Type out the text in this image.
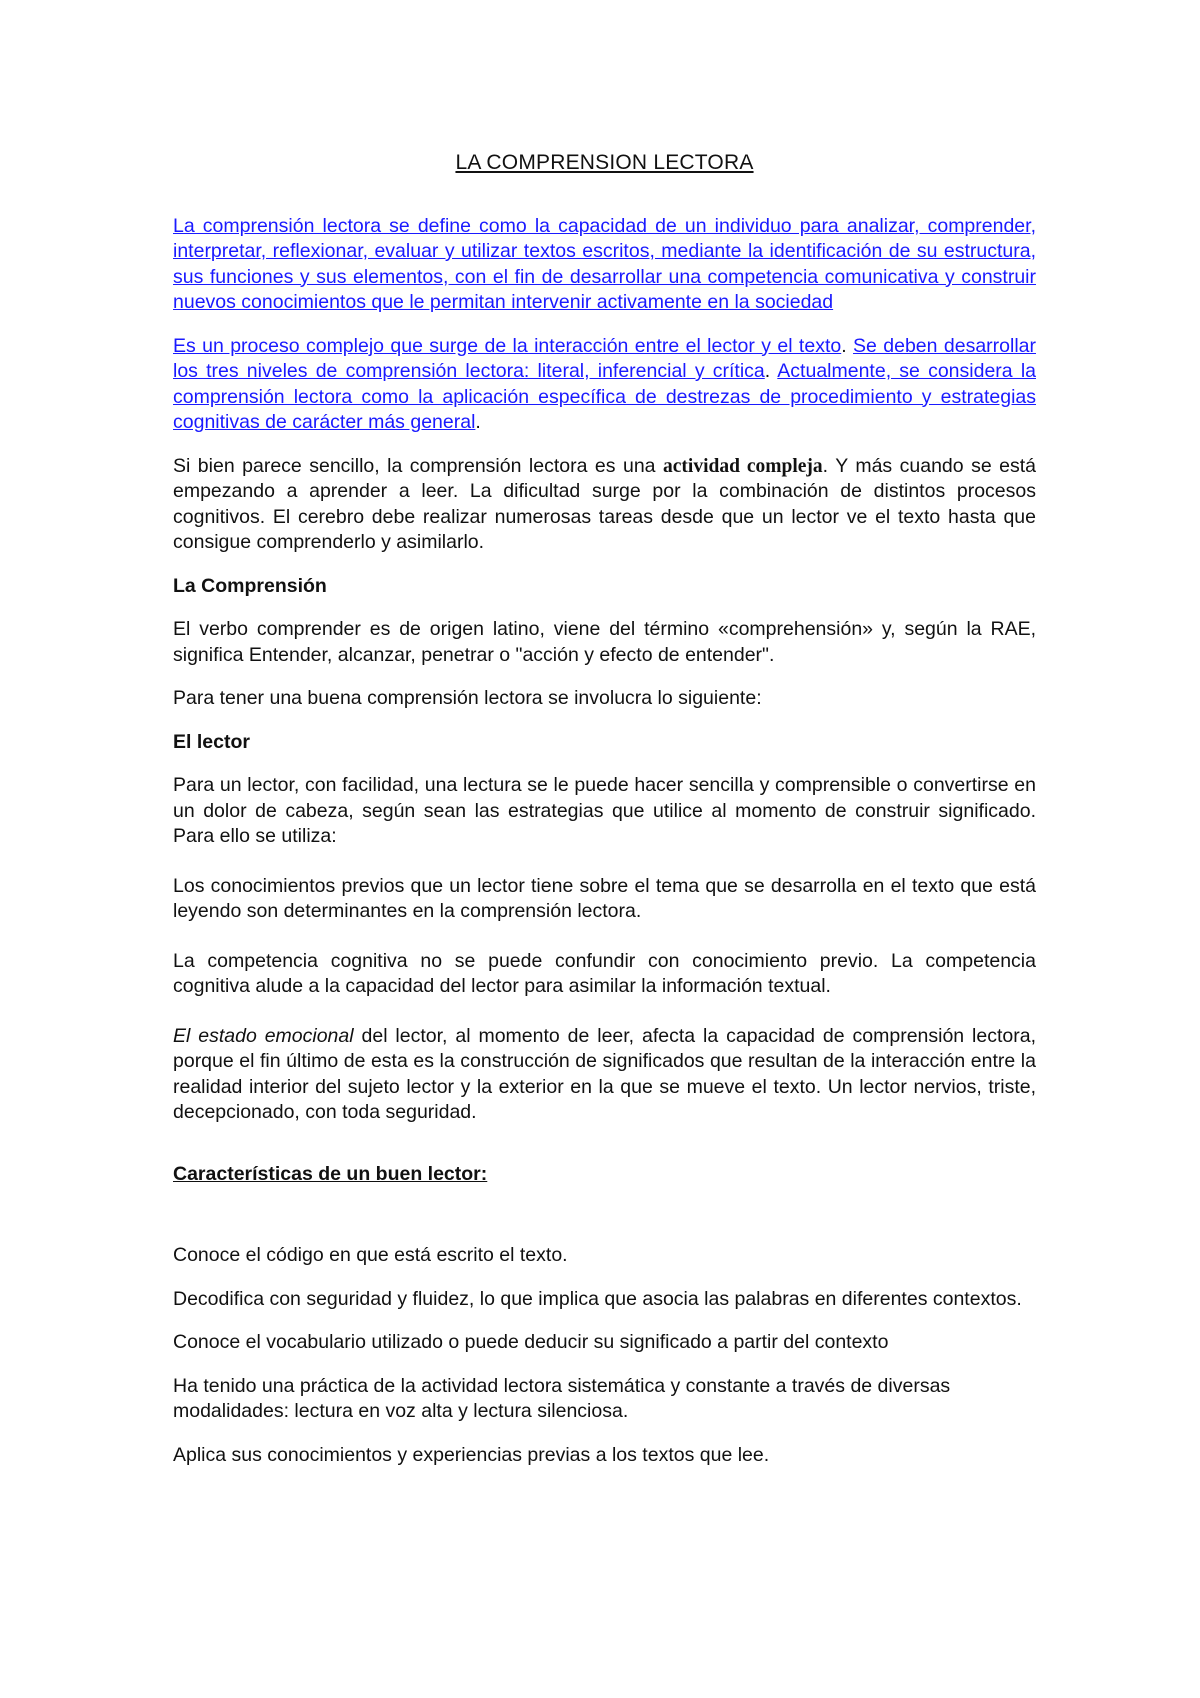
LA COMPRENSION LECTORA

La comprensión lectora se define como la capacidad de un individuo para analizar, comprender, interpretar, reflexionar, evaluar y utilizar textos escritos, mediante la identificación de su estructura, sus funciones y sus elementos, con el fin de desarrollar una competencia comunicativa y construir nuevos conocimientos que le permitan intervenir activamente en la sociedad

Es un proceso complejo que surge de la interacción entre el lector y el texto. Se deben desarrollar los tres niveles de comprensión lectora: literal, inferencial y crítica. Actualmente, se considera la comprensión lectora como la aplicación específica de destrezas de procedimiento y estrategias cognitivas de carácter más general.

Si bien parece sencillo, la comprensión lectora es una actividad compleja. Y más cuando se está empezando a aprender a leer. La dificultad surge por la combinación de distintos procesos cognitivos. El cerebro debe realizar numerosas tareas desde que un lector ve el texto hasta que consigue comprenderlo y asimilarlo.

La Comprensión

El verbo comprender es de origen latino, viene del término «comprehensión» y, según la RAE, significa Entender, alcanzar, penetrar o "acción y efecto de entender".

Para tener una buena comprensión lectora se involucra lo siguiente:

El lector

Para un lector, con facilidad, una lectura se le puede hacer sencilla y comprensible o convertirse en un dolor de cabeza, según sean las estrategias que utilice al momento de construir significado. Para ello se utiliza:

Los conocimientos previos que un lector tiene sobre el tema que se desarrolla en el texto que está leyendo son determinantes en la comprensión lectora.

La competencia cognitiva no se puede confundir con conocimiento previo. La competencia cognitiva alude a la capacidad del lector para asimilar la información textual.

El estado emocional del lector, al momento de leer, afecta la capacidad de comprensión lectora, porque el fin último de esta es la construcción de significados que resultan de la interacción entre la realidad interior del sujeto lector y la exterior en la que se mueve el texto. Un lector nervios, triste, decepcionado, con toda seguridad.

Características de un buen lector:

Conoce el código en que está escrito el texto.

Decodifica con seguridad y fluidez, lo que implica que asocia las palabras en diferentes contextos.

Conoce el vocabulario utilizado o puede deducir su significado a partir del contexto

Ha tenido una práctica de la actividad lectora sistemática y constante a través de diversas modalidades: lectura en voz alta y lectura silenciosa.

Aplica sus conocimientos y experiencias previas a los textos que lee.
